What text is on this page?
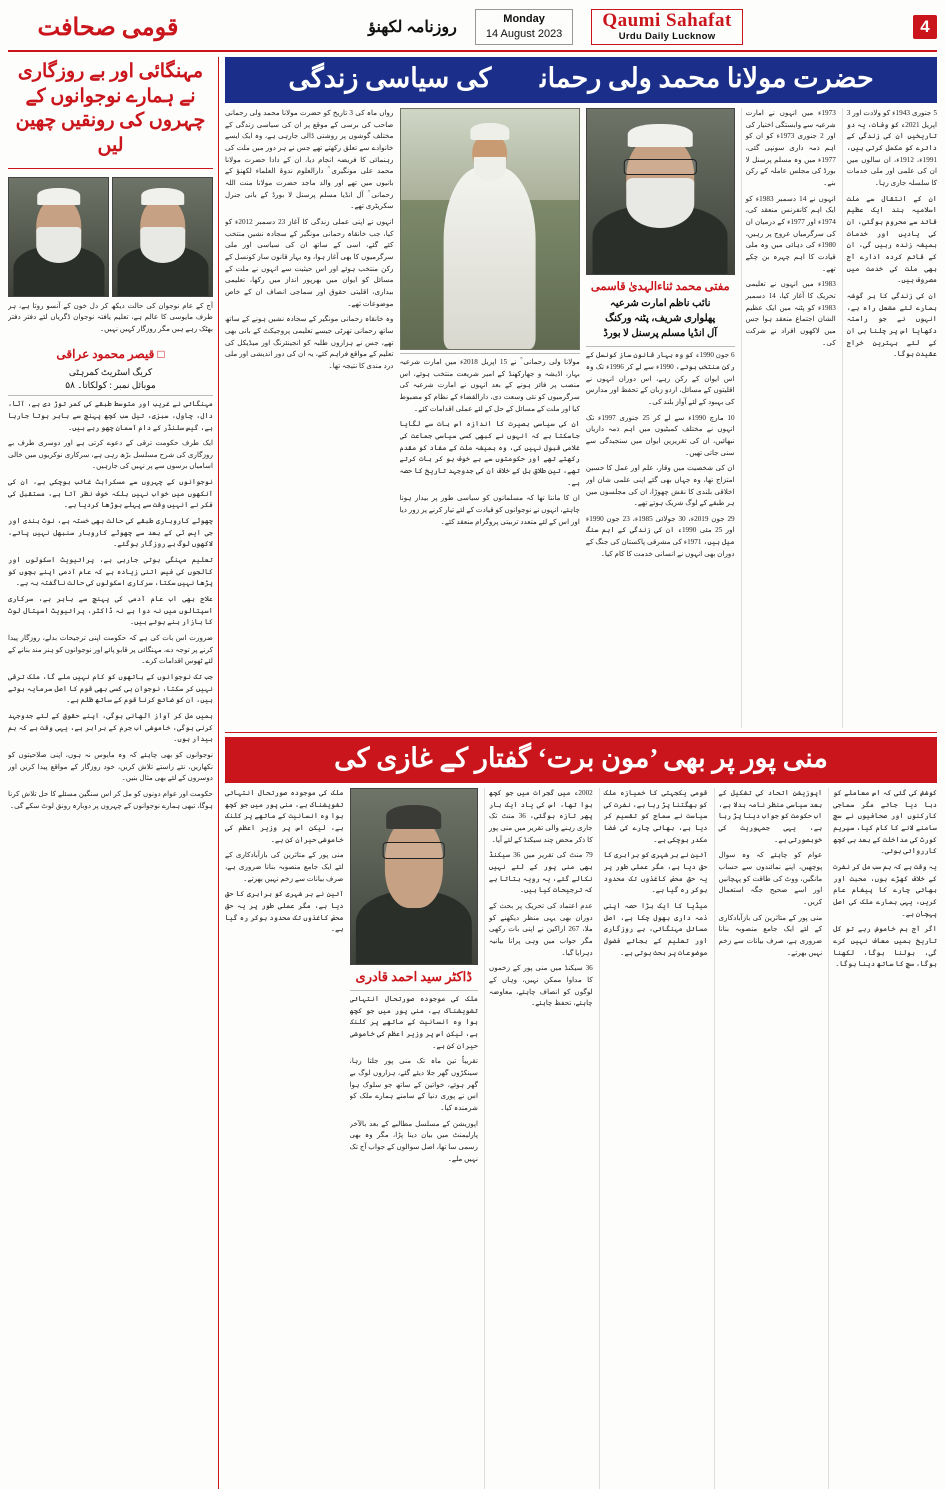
قومی صحافت	روزنامہ لکھنؤ	Monday
14 August 2023
Qaumi Sahafat
Urdu Daily Lucknow
4
حضرت مولانا محمد ولی رحمانیؒ کی سیاسی زندگی

5 جنوری 1943ء کو ولادت اور 3 اپریل 2021ء کو وفات، یہ دو تاریخیں ان کی زندگی کے دائرے کو مکمل کرتی ہیں، 1991ء، 1912ء، ان سالوں میں ان کی علمی اور ملی خدمات کا سلسلہ جاری رہا۔

ان کے انتقال سے ملت اسلامیہ ہند ایک عظیم قائد سے محروم ہوگئی، ان کی یادیں اور خدمات ہمیشہ زندہ رہیں گی، ان کے قائم کردہ ادارے آج بھی ملت کی خدمت میں مصروف ہیں۔

ان کی زندگی کا ہر گوشہ ہمارے لئے مشعل راہ ہے، انہوں نے جو راستہ دکھایا اس پر چلنا ہی ان کے لئے بہترین خراج عقیدت ہوگا۔

1973ء میں انہوں نے امارت شرعیہ سے وابستگی اختیار کی اور 2 جنوری 1973ء کو ان کو اہم ذمہ داری سونپی گئی، 1977ء میں وہ مسلم پرسنل لا بورڈ کی مجلس عاملہ کے رکن بنے۔

انہوں نے 14 دسمبر 1983ء کو ایک اہم کانفرنس منعقد کی، 1974ء اور 1977ء کے درمیان ان کی سرگرمیاں عروج پر رہیں، 1980ء کی دہائی میں وہ ملی قیادت کا اہم چہرہ بن چکے تھے۔

1983ء میں انہوں نے تعلیمی تحریک کا آغاز کیا، 14 دسمبر 1983ء کو پٹنہ میں ایک عظیم الشان اجتماع منعقد ہوا جس میں لاکھوں افراد نے شرکت کی۔

مفتی محمد ثناءالہدیٰ قاسمی
نائب ناظم امارت شرعیہ
پھلواری شریف، پٹنہ ورکنگ
آل انڈیا مسلم پرسنل لا بورڈ

6 جون 1990ء کو وہ بہار قانون ساز کونسل کے رکن منتخب ہوئے، 1990ء سے لے کر 1996ء تک وہ اس ایوان کے رکن رہے، اس دوران انہوں نے اقلیتوں کے مسائل، اردو زبان کے تحفظ اور مدارس کی بہبود کے لئے آواز بلند کی۔

10 مارچ 1990ء سے لے کر 25 جنوری 1997ء تک انہوں نے مختلف کمیٹیوں میں اہم ذمہ داریاں نبھائیں، ان کی تقریریں ایوان میں سنجیدگی سے سنی جاتی تھیں۔

ان کی شخصیت میں وقار، علم اور عمل کا حسین امتزاج تھا، وہ جہاں بھی گئے اپنی علمی شان اور اخلاقی بلندی کا نقش چھوڑا، ان کی مجلسوں میں ہر طبقے کے لوگ شریک ہوتے تھے۔

29 جون 2019ء، 30 جولائی 1985ء، 23 جون 1990ء اور 25 مئی 1990ء ان کی زندگی کے اہم سنگ میل ہیں، 1971ء کی مشرقی پاکستان کی جنگ کے دوران بھی انہوں نے انسانی خدمت کا کام کیا۔

مولانا ولی رحمانی ؒ نے 15 اپریل 2018ء میں امارت شرعیہ بہار، اڈیشہ و جھارکھنڈ کے امیر شریعت منتخب ہوئے، اس منصب پر فائز ہونے کے بعد انہوں نے امارت شرعیہ کی سرگرمیوں کو نئی وسعت دی، دارالقضاء کے نظام کو مضبوط کیا اور ملت کے مسائل کے حل کے لئے عملی اقدامات کئے۔

ان کی سیاسی بصیرت کا اندازہ اس بات سے لگایا جاسکتا ہے کہ انہوں نے کبھی کسی سیاسی جماعت کی غلامی قبول نہیں کی، وہ ہمیشہ ملت کے مفاد کو مقدم رکھتے تھے اور حکومتوں سے بے خوف ہو کر بات کرتے تھے، تین طلاق بل کے خلاف ان کی جدوجہد تاریخ کا حصہ ہے۔

ان کا ماننا تھا کہ مسلمانوں کو سیاسی طور پر بیدار ہونا چاہئے، انہوں نے نوجوانوں کو قیادت کے لئے تیار کرنے پر زور دیا اور اس کے لئے متعدد تربیتی پروگرام منعقد کئے۔

رواں ماہ کی 3 تاریخ کو حضرت مولانا محمد ولی رحمانی صاحب کی برسی کے موقع پر ان کی سیاسی زندگی کے مختلف گوشوں پر روشنی ڈالی جارہی ہے، وہ ایک ایسے خانوادے سے تعلق رکھتے تھے جس نے ہر دور میں ملت کی رہنمائی کا فریضہ انجام دیا، ان کے دادا حضرت مولانا محمد علی مونگیری ؒ دارالعلوم ندوۃ العلماء لکھنؤ کے بانیوں میں تھے اور والد ماجد حضرت مولانا منت اللہ رحمانی ؒ آل انڈیا مسلم پرسنل لا بورڈ کے بانی جنرل سکریٹری تھے۔

انہوں نے اپنی عملی زندگی کا آغاز 23 دسمبر 2012ء کو کیا، جب خانقاہ رحمانی مونگیر کے سجادہ نشیں منتخب کئے گئے، اسی کے ساتھ ان کی سیاسی اور ملی سرگرمیوں کا بھی آغاز ہوا، وہ بہار قانون ساز کونسل کے رکن منتخب ہوئے اور اس حیثیت سے انہوں نے ملت کے مسائل کو ایوان میں بھرپور انداز میں رکھا، تعلیمی بیداری، اقلیتی حقوق اور سماجی انصاف ان کے خاص موضوعات تھے۔

وہ خانقاہ رحمانی مونگیر کے سجادہ نشیں ہونے کے ساتھ ساتھ رحمانی تھرٹی جیسے تعلیمی پروجیکٹ کے بانی بھی تھے، جس نے ہزاروں طلبہ کو انجینئرنگ اور میڈیکل کی تعلیم کے مواقع فراہم کئے، یہ ان کی دور اندیشی اور ملی درد مندی کا نتیجہ تھا۔

منی پور پر بھی ’مون برت‘ گفتار کے غازی کی

کوشش کی گئی کہ اس معاملے کو دبا دیا جائے مگر سماجی کارکنوں اور صحافیوں نے سچ سامنے لانے کا کام کیا، سپریم کورٹ کی مداخلت کے بعد ہی کچھ کارروائی ہوئی۔

یہ وقت ہے کہ ہم سب مل کر نفرت کے خلاف کھڑے ہوں، محبت اور بھائی چارے کا پیغام عام کریں، یہی ہمارے ملک کی اصل پہچان ہے۔

اگر آج ہم خاموش رہے تو کل تاریخ ہمیں معاف نہیں کرے گی، بولنا ہوگا، لکھنا ہوگا، سچ کا ساتھ دینا ہوگا۔

اپوزیشن اتحاد کی تشکیل کے بعد سیاسی منظر نامہ بدلا ہے، اب حکومت کو جواب دینا پڑ رہا ہے، یہی جمہوریت کی خوبصورتی ہے۔

عوام کو چاہئے کہ وہ سوال پوچھیں، اپنے نمائندوں سے حساب مانگیں، ووٹ کی طاقت کو پہچانیں اور اسے صحیح جگہ استعمال کریں۔

منی پور کے متاثرین کی بازآبادکاری کے لئے ایک جامع منصوبہ بنانا ضروری ہے، صرف بیانات سے زخم نہیں بھرتے۔

قومی یکجہتی کا خمیازہ ملک کو بھگتنا پڑ رہا ہے، نفرت کی سیاست نے سماج کو تقسیم کر دیا ہے، بھائی چارے کی فضا مکدر ہوچکی ہے۔

آئین نے ہر شہری کو برابری کا حق دیا ہے، مگر عملی طور پر یہ حق محض کاغذوں تک محدود ہوکر رہ گیا ہے۔

میڈیا کا ایک بڑا حصہ اپنی ذمہ داری بھول چکا ہے، اصل مسائل مہنگائی، بے روزگاری اور تعلیم کے بجائے فضول موضوعات پر بحث ہوتی ہے۔

2002ء میں گجرات میں جو کچھ ہوا تھا، اس کی یاد ایک بار پھر تازہ ہوگئی، 36 منٹ تک جاری رہنے والی تقریر میں منی پور کا ذکر محض چند سیکنڈ کے لئے آیا۔

79 منٹ کی تقریر میں 36 سیکنڈ بھی منی پور کے لئے نہیں نکالے گئے، یہ رویہ بتاتا ہے کہ ترجیحات کیا ہیں۔

عدم اعتماد کی تحریک پر بحث کے دوران بھی یہی منظر دیکھنے کو ملا، 267 اراکین نے اپنی بات رکھی مگر جواب میں وہی پرانا بیانیہ دہرایا گیا۔

36 سیکنڈ میں منی پور کے زخموں کا مداوا ممکن نہیں، وہاں کے لوگوں کو انصاف چاہئے، معاوضہ چاہئے، تحفظ چاہئے۔

ڈاکٹر سید احمد قادری

ملک کی موجودہ صورتحال انتہائی تشویشناک ہے، منی پور میں جو کچھ ہوا وہ انسانیت کے ماتھے پر کلنک ہے، لیکن اس پر وزیر اعظم کی خاموشی حیران کن ہے۔

تقریباً تین ماہ تک منی پور جلتا رہا، سینکڑوں گھر جلا دیئے گئے، ہزاروں لوگ بے گھر ہوئے، خواتین کے ساتھ جو سلوک ہوا اس نے پوری دنیا کے سامنے ہمارے ملک کو شرمندہ کیا۔

اپوزیشن کے مسلسل مطالبے کے بعد بالآخر پارلیمنٹ میں بیان دینا پڑا، مگر وہ بھی رسمی سا تھا، اصل سوالوں کے جواب آج تک نہیں ملے۔

ملک کی موجودہ صورتحال انتہائی تشویشناک ہے، منی پور میں جو کچھ ہوا وہ انسانیت کے ماتھے پر کلنک ہے، لیکن اس پر وزیر اعظم کی خاموشی حیران کن ہے۔

منی پور کے متاثرین کی بازآبادکاری کے لئے ایک جامع منصوبہ بنانا ضروری ہے، صرف بیانات سے زخم نہیں بھرتے۔

آئین نے ہر شہری کو برابری کا حق دیا ہے، مگر عملی طور پر یہ حق محض کاغذوں تک محدود ہوکر رہ گیا ہے۔

مہنگائی اور بے روزگاری نے ہمارے نوجوانوں کے چہروں کی رونقیں چھین لیں

آج کے عام نوجوان کی حالت دیکھ کر دل خون کے آنسو روتا ہے، ہر طرف مایوسی کا عالم ہے، تعلیم یافتہ نوجوان ڈگریاں لئے دفتر دفتر بھٹک رہے ہیں مگر روزگار کہیں نہیں۔

□ قیصر محمود عراقی
کریگ اسٹریٹ کمرہٹی
موبائل نمبر : کولکاتا۔ ۵۸

مہنگائی نے غریب اور متوسط طبقے کی کمر توڑ دی ہے، آٹا، دال، چاول، سبزی، تیل سب کچھ پہنچ سے باہر ہوتا جارہا ہے، گیس سلنڈر کے دام آسمان چھو رہے ہیں۔

ایک طرف حکومت ترقی کے دعوے کرتی ہے اور دوسری طرف بے روزگاری کی شرح مسلسل بڑھ رہی ہے، سرکاری نوکریوں میں خالی اسامیاں برسوں سے پر نہیں کی جارہیں۔

نوجوانوں کے چہروں سے مسکراہٹ غائب ہوچکی ہے، ان کی آنکھوں میں خواب نہیں بلکہ خوف نظر آتا ہے، مستقبل کی فکر نے انہیں وقت سے پہلے بوڑھا کردیا ہے۔

چھوٹے کاروباری طبقے کی حالت بھی خستہ ہے، نوٹ بندی اور جی ایس ٹی کے بعد سے چھوٹے کاروبار سنبھل نہیں پائے، لاکھوں لوگ بے روزگار ہوگئے۔

تعلیم مہنگی ہوتی جارہی ہے، پرائیویٹ اسکولوں اور کالجوں کی فیس اتنی زیادہ ہے کہ عام آدمی اپنے بچوں کو پڑھا نہیں سکتا، سرکاری اسکولوں کی حالت ناگفتہ بہ ہے۔

علاج بھی اب عام آدمی کی پہنچ سے باہر ہے، سرکاری اسپتالوں میں نہ دوا ہے نہ ڈاکٹر، پرائیویٹ اسپتال لوٹ کا بازار بنے ہوئے ہیں۔

ضرورت اس بات کی ہے کہ حکومت اپنی ترجیحات بدلے، روزگار پیدا کرنے پر توجہ دے، مہنگائی پر قابو پائے اور نوجوانوں کو ہنر مند بنانے کے لئے ٹھوس اقدامات کرے۔

جب تک نوجوانوں کے ہاتھوں کو کام نہیں ملے گا، ملک ترقی نہیں کر سکتا، نوجوان ہی کسی بھی قوم کا اصل سرمایہ ہوتے ہیں، ان کو ضائع کرنا قوم کے ساتھ ظلم ہے۔

ہمیں مل کر آواز اٹھانی ہوگی، اپنے حقوق کے لئے جدوجہد کرنی ہوگی، خاموشی اب جرم کے برابر ہے، یہی وقت ہے کہ ہم بیدار ہوں۔

نوجوانوں کو بھی چاہئے کہ وہ مایوس نہ ہوں، اپنی صلاحیتوں کو نکھاریں، نئے راستے تلاش کریں، خود روزگار کے مواقع پیدا کریں اور دوسروں کے لئے بھی مثال بنیں۔

حکومت اور عوام دونوں کو مل کر اس سنگین مسئلے کا حل تلاش کرنا ہوگا، تبھی ہمارے نوجوانوں کے چہروں پر دوبارہ رونق لوٹ سکے گی۔
